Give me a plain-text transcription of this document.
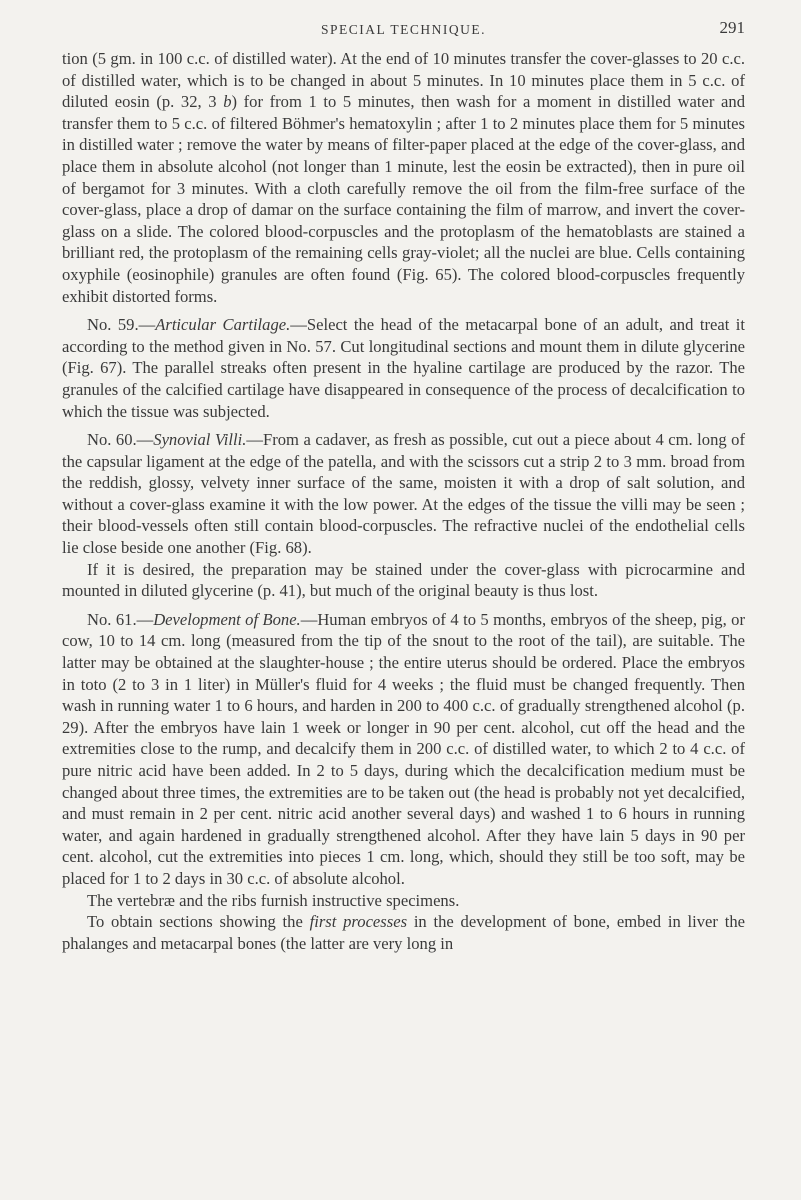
SPECIAL TECHNIQUE.	291

tion (5 gm. in 100 c.c. of distilled water). At the end of 10 minutes transfer the cover-glasses to 20 c.c. of distilled water, which is to be changed in about 5 minutes. In 10 minutes place them in 5 c.c. of diluted eosin (p. 32, 3 b) for from 1 to 5 minutes, then wash for a moment in distilled water and transfer them to 5 c.c. of filtered Böhmer's hematoxylin ; after 1 to 2 minutes place them for 5 minutes in distilled water ; remove the water by means of filter-paper placed at the edge of the cover-glass, and place them in absolute alcohol (not longer than 1 minute, lest the eosin be extracted), then in pure oil of bergamot for 3 minutes. With a cloth carefully remove the oil from the film-free surface of the cover-glass, place a drop of damar on the surface containing the film of marrow, and invert the cover-glass on a slide. The colored blood-corpuscles and the protoplasm of the hematoblasts are stained a brilliant red, the protoplasm of the remaining cells gray-violet; all the nuclei are blue. Cells containing oxyphile (eosinophile) granules are often found (Fig. 65). The colored blood-corpuscles frequently exhibit distorted forms.

No. 59.—Articular Cartilage.—Select the head of the metacarpal bone of an adult, and treat it according to the method given in No. 57. Cut longitudinal sections and mount them in dilute glycerine (Fig. 67). The parallel streaks often present in the hyaline cartilage are produced by the razor. The granules of the calcified cartilage have disappeared in consequence of the process of decalcification to which the tissue was subjected.

No. 60.—Synovial Villi.—From a cadaver, as fresh as possible, cut out a piece about 4 cm. long of the capsular ligament at the edge of the patella, and with the scissors cut a strip 2 to 3 mm. broad from the reddish, glossy, velvety inner surface of the same, moisten it with a drop of salt solution, and without a cover-glass examine it with the low power. At the edges of the tissue the villi may be seen ; their blood-vessels often still contain blood-corpuscles. The refractive nuclei of the endothelial cells lie close beside one another (Fig. 68).

If it is desired, the preparation may be stained under the cover-glass with picrocarmine and mounted in diluted glycerine (p. 41), but much of the original beauty is thus lost.

No. 61.—Development of Bone.—Human embryos of 4 to 5 months, embryos of the sheep, pig, or cow, 10 to 14 cm. long (measured from the tip of the snout to the root of the tail), are suitable. The latter may be obtained at the slaughter-house ; the entire uterus should be ordered. Place the embryos in toto (2 to 3 in 1 liter) in Müller's fluid for 4 weeks ; the fluid must be changed frequently. Then wash in running water 1 to 6 hours, and harden in 200 to 400 c.c. of gradually strengthened alcohol (p. 29). After the embryos have lain 1 week or longer in 90 per cent. alcohol, cut off the head and the extremities close to the rump, and decalcify them in 200 c.c. of distilled water, to which 2 to 4 c.c. of pure nitric acid have been added. In 2 to 5 days, during which the decalcification medium must be changed about three times, the extremities are to be taken out (the head is probably not yet decalcified, and must remain in 2 per cent. nitric acid another several days) and washed 1 to 6 hours in running water, and again hardened in gradually strengthened alcohol. After they have lain 5 days in 90 per cent. alcohol, cut the extremities into pieces 1 cm. long, which, should they still be too soft, may be placed for 1 to 2 days in 30 c.c. of absolute alcohol.

The vertebræ and the ribs furnish instructive specimens.

To obtain sections showing the first processes in the development of bone, embed in liver the phalanges and metacarpal bones (the latter are very long in
